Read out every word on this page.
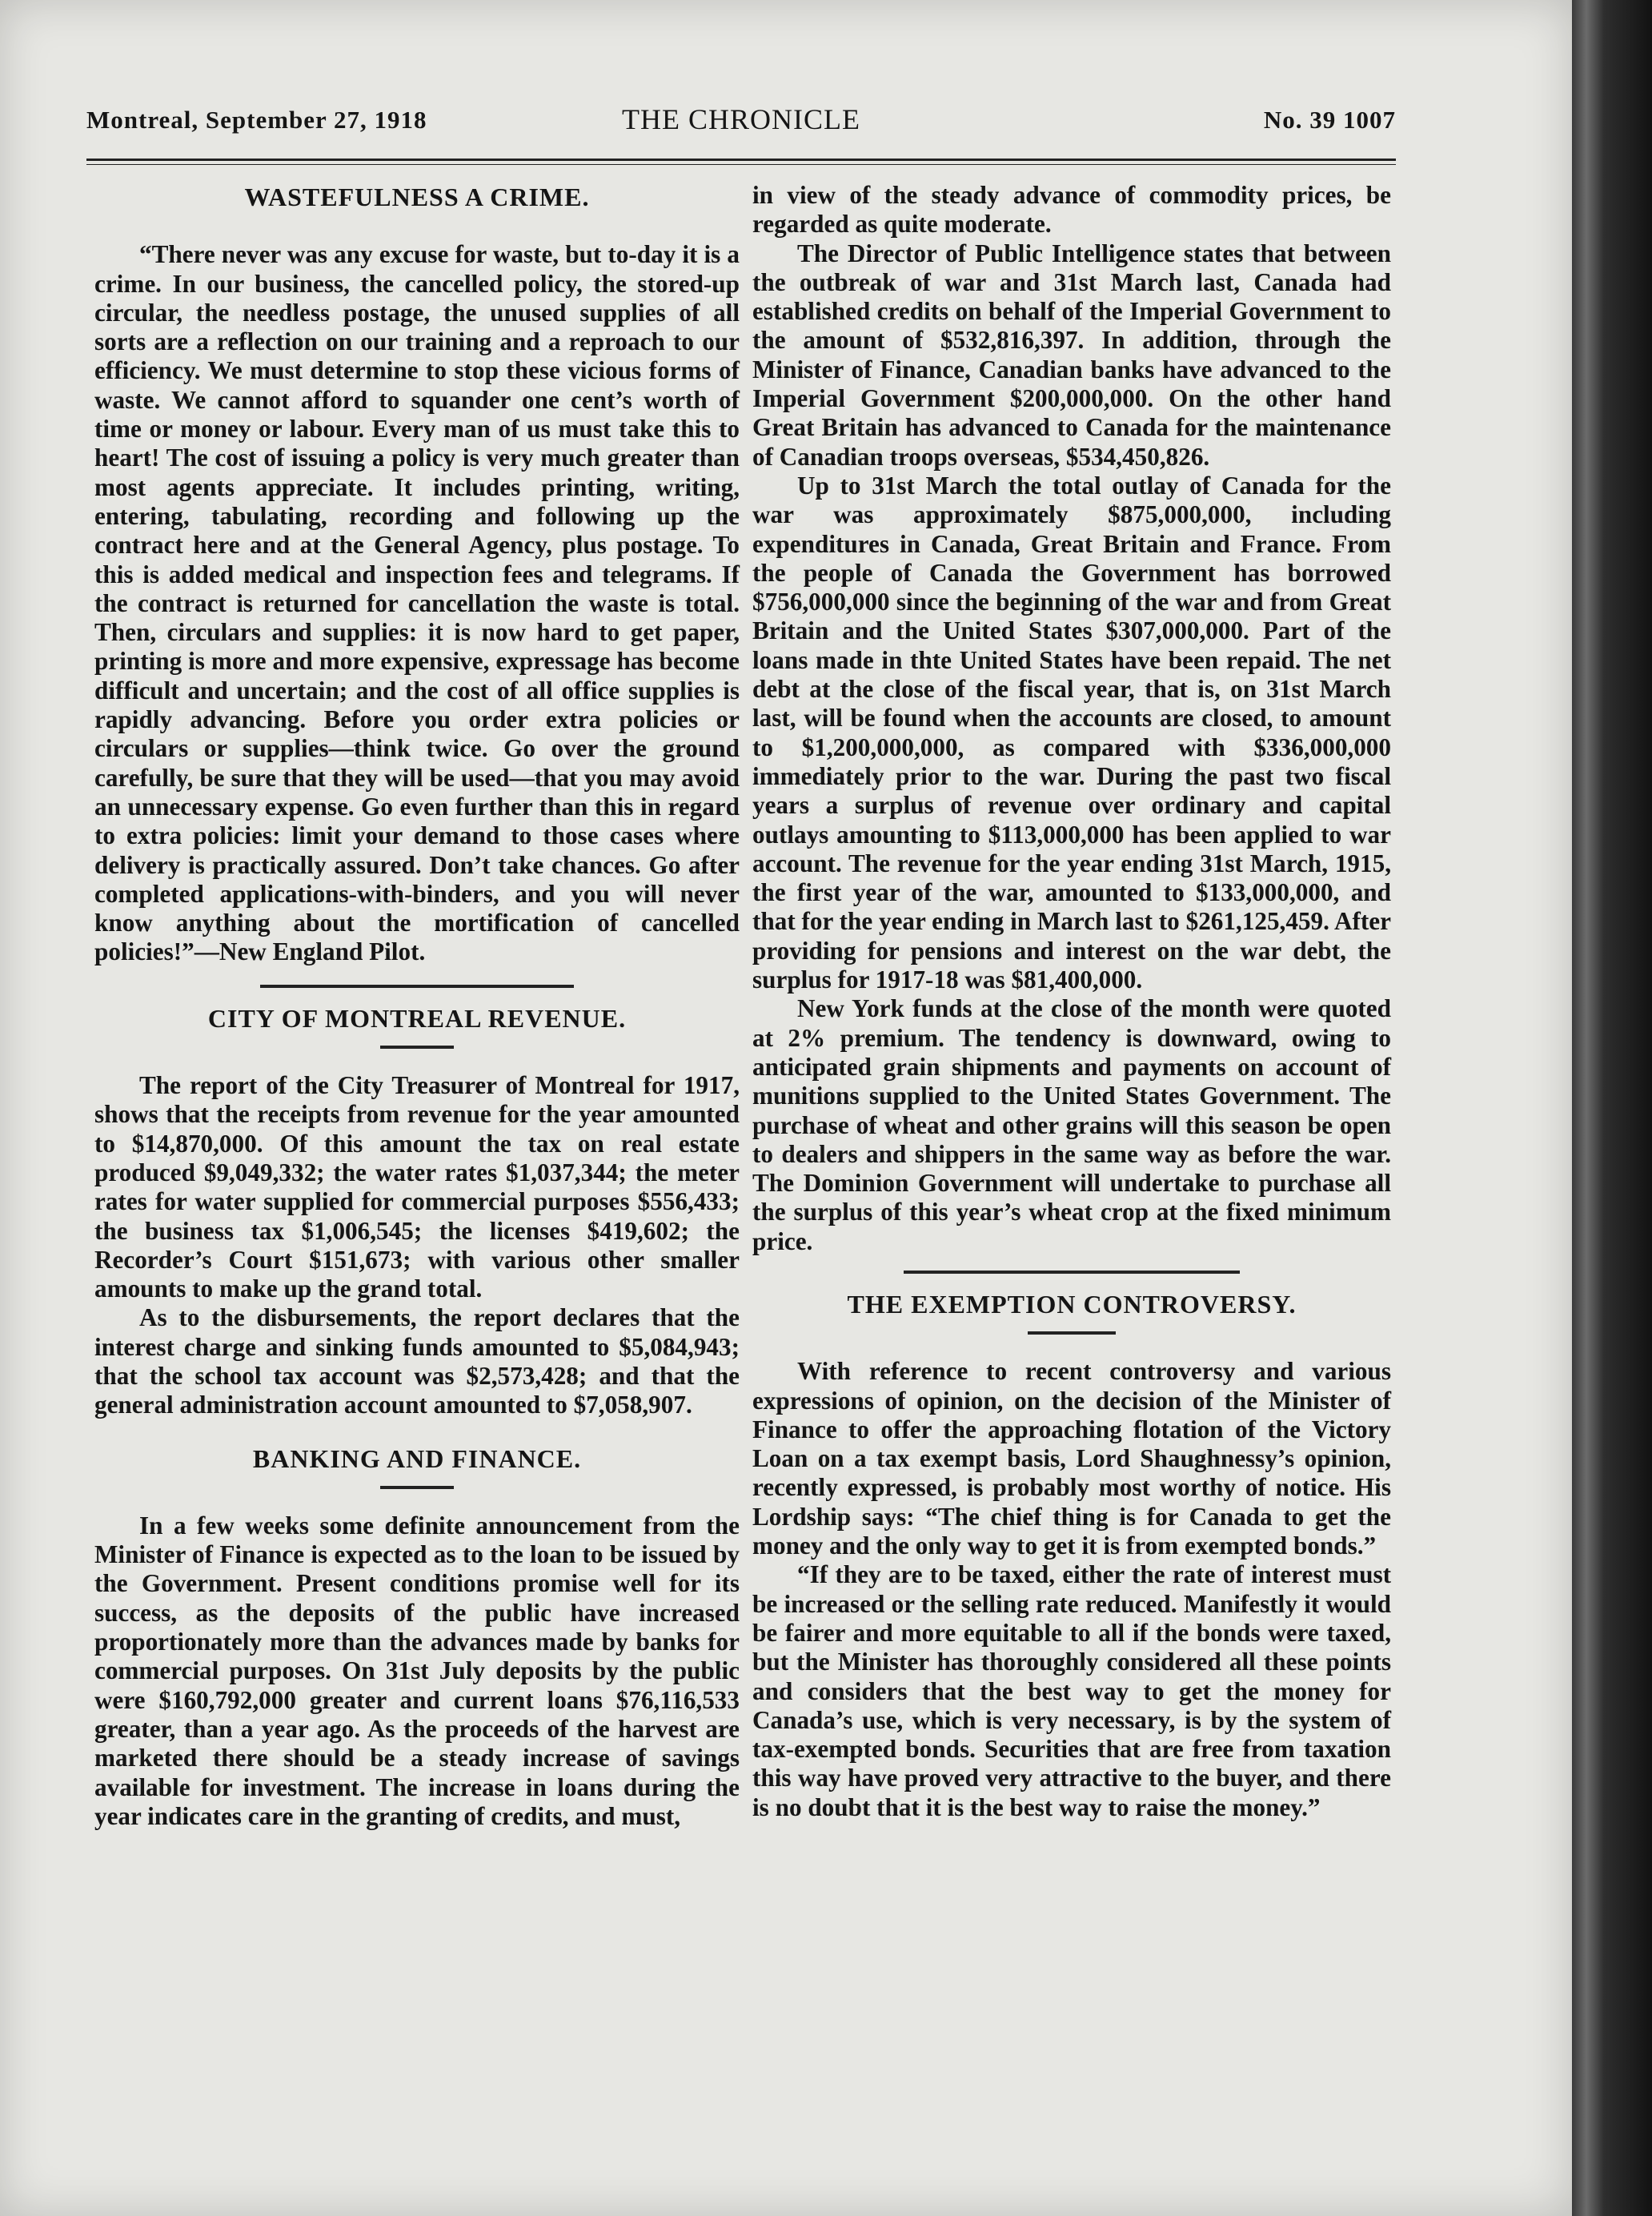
Montreal, September 27, 1918	THE CHRONICLE	No. 39 1007
WASTEFULNESS A CRIME.

“There never was any excuse for waste, but to-day it is a crime. In our business, the cancelled policy, the stored-up circular, the needless postage, the unused supplies of all sorts are a reflection on our training and a reproach to our efficiency. We must determine to stop these vicious forms of waste. We cannot afford to squander one cent’s worth of time or money or labour. Every man of us must take this to heart! The cost of issuing a policy is very much greater than most agents appreciate. It includes printing, writing, entering, tabulating, recording and following up the contract here and at the General Agency, plus postage. To this is added medical and inspection fees and telegrams. If the contract is returned for cancellation the waste is total. Then, circulars and supplies: it is now hard to get paper, printing is more and more expensive, expressage has become difficult and uncertain; and the cost of all office supplies is rapidly advancing. Before you order extra policies or circulars or supplies—think twice. Go over the ground carefully, be sure that they will be used—that you may avoid an unnecessary expense. Go even further than this in regard to extra policies: limit your demand to those cases where delivery is practically assured. Don’t take chances. Go after completed applications-with-binders, and you will never know anything about the mortification of cancelled policies!”—New England Pilot.

CITY OF MONTREAL REVENUE.

The report of the City Treasurer of Montreal for 1917, shows that the receipts from revenue for the year amounted to $14,870,000. Of this amount the tax on real estate produced $9,049,332; the water rates $1,037,344; the meter rates for water supplied for commercial purposes $556,433; the business tax $1,006,545; the licenses $419,602; the Recorder’s Court $151,673; with various other smaller amounts to make up the grand total.

As to the disbursements, the report declares that the interest charge and sinking funds amounted to $5,084,943; that the school tax account was $2,573,428; and that the general administration account amounted to $7,058,907.

BANKING AND FINANCE.

In a few weeks some definite announcement from the Minister of Finance is expected as to the loan to be issued by the Government. Present conditions promise well for its success, as the deposits of the public have increased proportionately more than the advances made by banks for commercial purposes. On 31st July deposits by the public were $160,792,000 greater and current loans $76,116,533 greater, than a year ago. As the proceeds of the harvest are marketed there should be a steady increase of savings available for investment. The increase in loans during the year indicates care in the granting of credits, and must,

in view of the steady advance of commodity prices, be regarded as quite moderate.

The Director of Public Intelligence states that between the outbreak of war and 31st March last, Canada had established credits on behalf of the Imperial Government to the amount of $532,816,397. In addition, through the Minister of Finance, Canadian banks have advanced to the Imperial Government $200,000,000. On the other hand Great Britain has advanced to Canada for the maintenance of Canadian troops overseas, $534,450,826.

Up to 31st March the total outlay of Canada for the war was approximately $875,000,000, including expenditures in Canada, Great Britain and France. From the people of Canada the Government has borrowed $756,000,000 since the beginning of the war and from Great Britain and the United States $307,000,000. Part of the loans made in thte United States have been repaid. The net debt at the close of the fiscal year, that is, on 31st March last, will be found when the accounts are closed, to amount to $1,200,000,000, as compared with $336,000,000 immediately prior to the war. During the past two fiscal years a surplus of revenue over ordinary and capital outlays amounting to $113,000,000 has been applied to war account. The revenue for the year ending 31st March, 1915, the first year of the war, amounted to $133,000,000, and that for the year ending in March last to $261,125,459. After providing for pensions and interest on the war debt, the surplus for 1917-18 was $81,400,000.

New York funds at the close of the month were quoted at 2% premium. The tendency is downward, owing to anticipated grain shipments and payments on account of munitions supplied to the United States Government. The purchase of wheat and other grains will this season be open to dealers and shippers in the same way as before the war. The Dominion Government will undertake to purchase all the surplus of this year’s wheat crop at the fixed minimum price.

THE EXEMPTION CONTROVERSY.

With reference to recent controversy and various expressions of opinion, on the decision of the Minister of Finance to offer the approaching flotation of the Victory Loan on a tax exempt basis, Lord Shaughnessy’s opinion, recently expressed, is probably most worthy of notice. His Lordship says: “The chief thing is for Canada to get the money and the only way to get it is from exempted bonds.”

“If they are to be taxed, either the rate of interest must be increased or the selling rate reduced. Manifestly it would be fairer and more equitable to all if the bonds were taxed, but the Minister has thoroughly considered all these points and considers that the best way to get the money for Canada’s use, which is very necessary, is by the system of tax-exempted bonds. Securities that are free from taxation this way have proved very attractive to the buyer, and there is no doubt that it is the best way to raise the money.”
